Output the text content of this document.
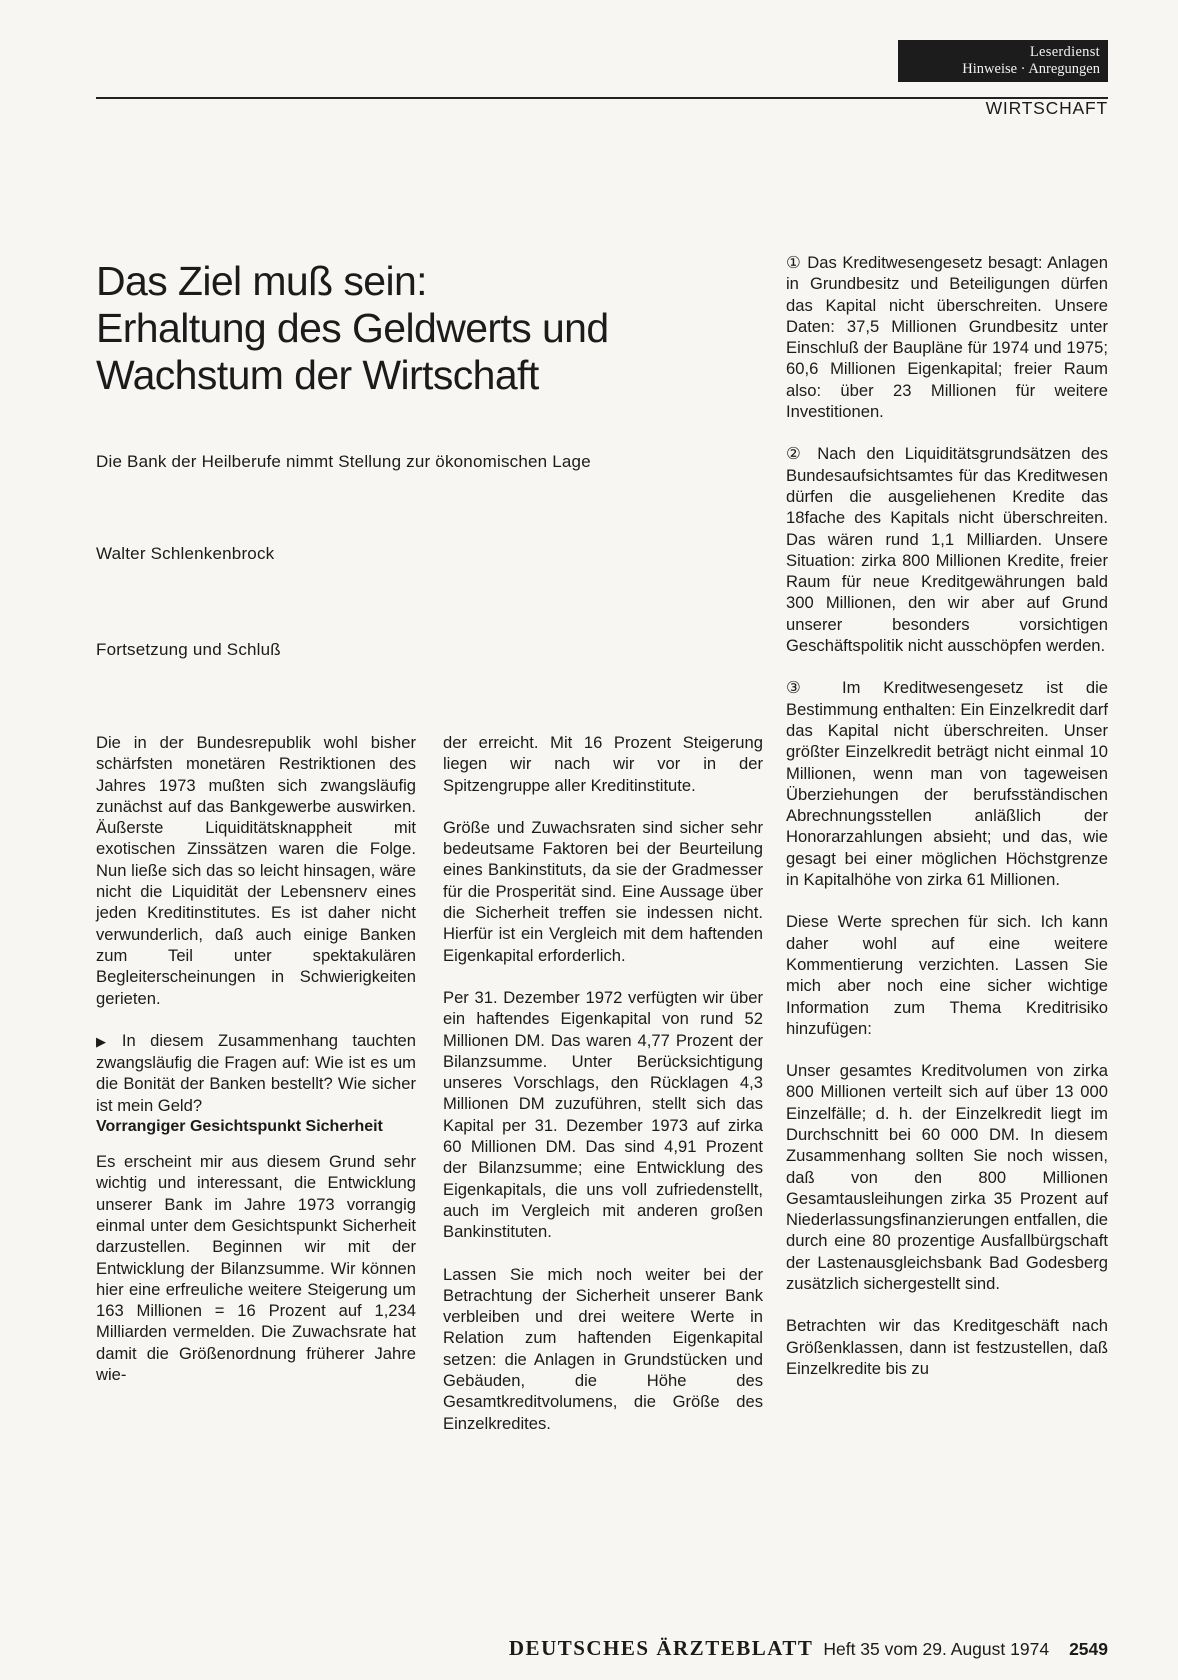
Leserdienst
Hinweise · Anregungen
WIRTSCHAFT
Das Ziel muß sein:
Erhaltung des Geldwerts und
Wachstum der Wirtschaft
Die Bank der Heilberufe nimmt Stellung zur ökonomischen Lage
Walter Schlenkenbrock
Fortsetzung und Schluß

Die in der Bundesrepublik wohl bisher schärfsten monetären Restriktionen des Jahres 1973 mußten sich zwangsläufig zunächst auf das Bankgewerbe auswirken. Äußerste Liquiditätsknappheit mit exotischen Zinssätzen waren die Folge. Nun ließe sich das so leicht hinsagen, wäre nicht die Liquidität der Lebensnerv eines jeden Kreditinstitutes. Es ist daher nicht verwunderlich, daß auch einige Banken zum Teil unter spektakulären Begleiterscheinungen in Schwierigkeiten gerieten.

▶ In diesem Zusammenhang tauchten zwangsläufig die Fragen auf: Wie ist es um die Bonität der Banken bestellt? Wie sicher ist mein Geld?

Vorrangiger Gesichtspunkt Sicherheit

Es erscheint mir aus diesem Grund sehr wichtig und interessant, die Entwicklung unserer Bank im Jahre 1973 vorrangig einmal unter dem Gesichtspunkt Sicherheit darzustellen. Beginnen wir mit der Entwicklung der Bilanzsumme. Wir können hier eine erfreuliche weitere Steigerung um 163 Millionen = 16 Prozent auf 1,234 Milliarden vermelden. Die Zuwachsrate hat damit die Größenordnung früherer Jahre wie-

der erreicht. Mit 16 Prozent Steigerung liegen wir nach wir vor in der Spitzengruppe aller Kreditinstitute.

Größe und Zuwachsraten sind sicher sehr bedeutsame Faktoren bei der Beurteilung eines Bankinstituts, da sie der Gradmesser für die Prosperität sind. Eine Aussage über die Sicherheit treffen sie indessen nicht. Hierfür ist ein Vergleich mit dem haftenden Eigenkapital erforderlich.

Per 31. Dezember 1972 verfügten wir über ein haftendes Eigenkapital von rund 52 Millionen DM. Das waren 4,77 Prozent der Bilanzsumme. Unter Berücksichtigung unseres Vorschlags, den Rücklagen 4,3 Millionen DM zuzuführen, stellt sich das Kapital per 31. Dezember 1973 auf zirka 60 Millionen DM. Das sind 4,91 Prozent der Bilanzsumme; eine Entwicklung des Eigenkapitals, die uns voll zufriedenstellt, auch im Vergleich mit anderen großen Bankinstituten.

Lassen Sie mich noch weiter bei der Betrachtung der Sicherheit unserer Bank verbleiben und drei weitere Werte in Relation zum haftenden Eigenkapital setzen: die Anlagen in Grundstücken und Gebäuden, die Höhe des Gesamtkreditvolumens, die Größe des Einzelkredites.

① Das Kreditwesengesetz besagt: Anlagen in Grundbesitz und Beteiligungen dürfen das Kapital nicht überschreiten. Unsere Daten: 37,5 Millionen Grundbesitz unter Einschluß der Baupläne für 1974 und 1975; 60,6 Millionen Eigenkapital; freier Raum also: über 23 Millionen für weitere Investitionen.

② Nach den Liquiditätsgrundsätzen des Bundesaufsichtsamtes für das Kreditwesen dürfen die ausgeliehenen Kredite das 18fache des Kapitals nicht überschreiten. Das wären rund 1,1 Milliarden. Unsere Situation: zirka 800 Millionen Kredite, freier Raum für neue Kreditgewährungen bald 300 Millionen, den wir aber auf Grund unserer besonders vorsichtigen Geschäftspolitik nicht ausschöpfen werden.

③ Im Kreditwesengesetz ist die Bestimmung enthalten: Ein Einzelkredit darf das Kapital nicht überschreiten. Unser größter Einzelkredit beträgt nicht einmal 10 Millionen, wenn man von tageweisen Überziehungen der berufsständischen Abrechnungsstellen anläßlich der Honorarzahlungen absieht; und das, wie gesagt bei einer möglichen Höchstgrenze in Kapitalhöhe von zirka 61 Millionen.

Diese Werte sprechen für sich. Ich kann daher wohl auf eine weitere Kommentierung verzichten. Lassen Sie mich aber noch eine sicher wichtige Information zum Thema Kreditrisiko hinzufügen:

Unser gesamtes Kreditvolumen von zirka 800 Millionen verteilt sich auf über 13 000 Einzelfälle; d. h. der Einzelkredit liegt im Durchschnitt bei 60 000 DM. In diesem Zusammenhang sollten Sie noch wissen, daß von den 800 Millionen Gesamtausleihungen zirka 35 Prozent auf Niederlassungsfinanzierungen entfallen, die durch eine 80 prozentige Ausfallbürgschaft der Lastenausgleichsbank Bad Godesberg zusätzlich sichergestellt sind.

Betrachten wir das Kreditgeschäft nach Größenklassen, dann ist festzustellen, daß Einzelkredite bis zu

DEUTSCHES ÄRZTEBLATT Heft 35 vom 29. August 1974 2549
